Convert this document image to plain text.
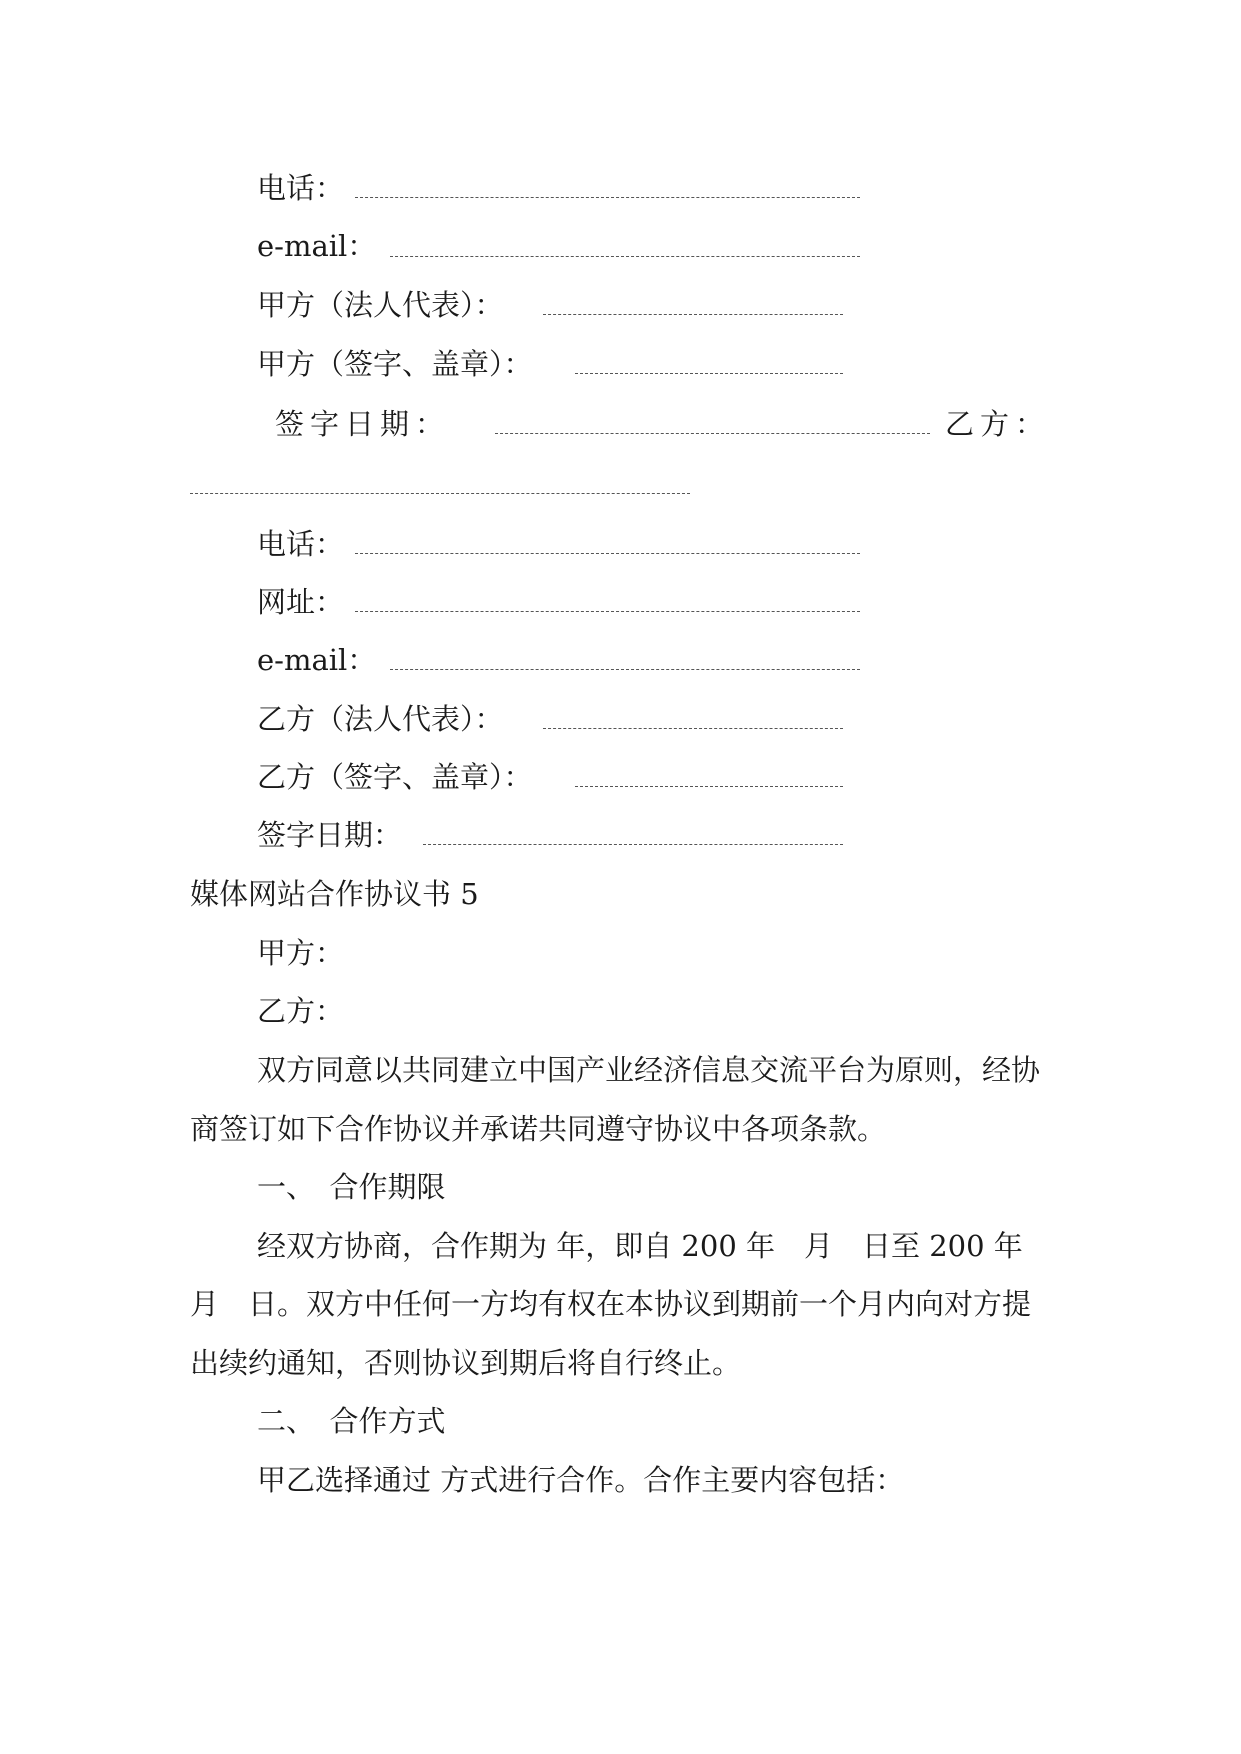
电话：
e-mail：
甲方（法人代表）：
甲方（签字、盖章）：
签字日期：	乙方：
电话：
网址：
e-mail：
乙方（法人代表）：
乙方（签字、盖章）：
签字日期：
媒体网站合作协议书 5
甲方：
乙方：

双方同意以共同建立中国产业经济信息交流平台为原则，经协商签订如下合作协议并承诺共同遵守协议中各项条款。

一、　合作期限

经双方协商，合作期为 年，即自 200 年　月　日至 200 年　月　日。双方中任何一方均有权在本协议到期前一个月内向对方提出续约通知，否则协议到期后将自行终止。

二、　合作方式

甲乙选择通过 方式进行合作。合作主要内容包括：
